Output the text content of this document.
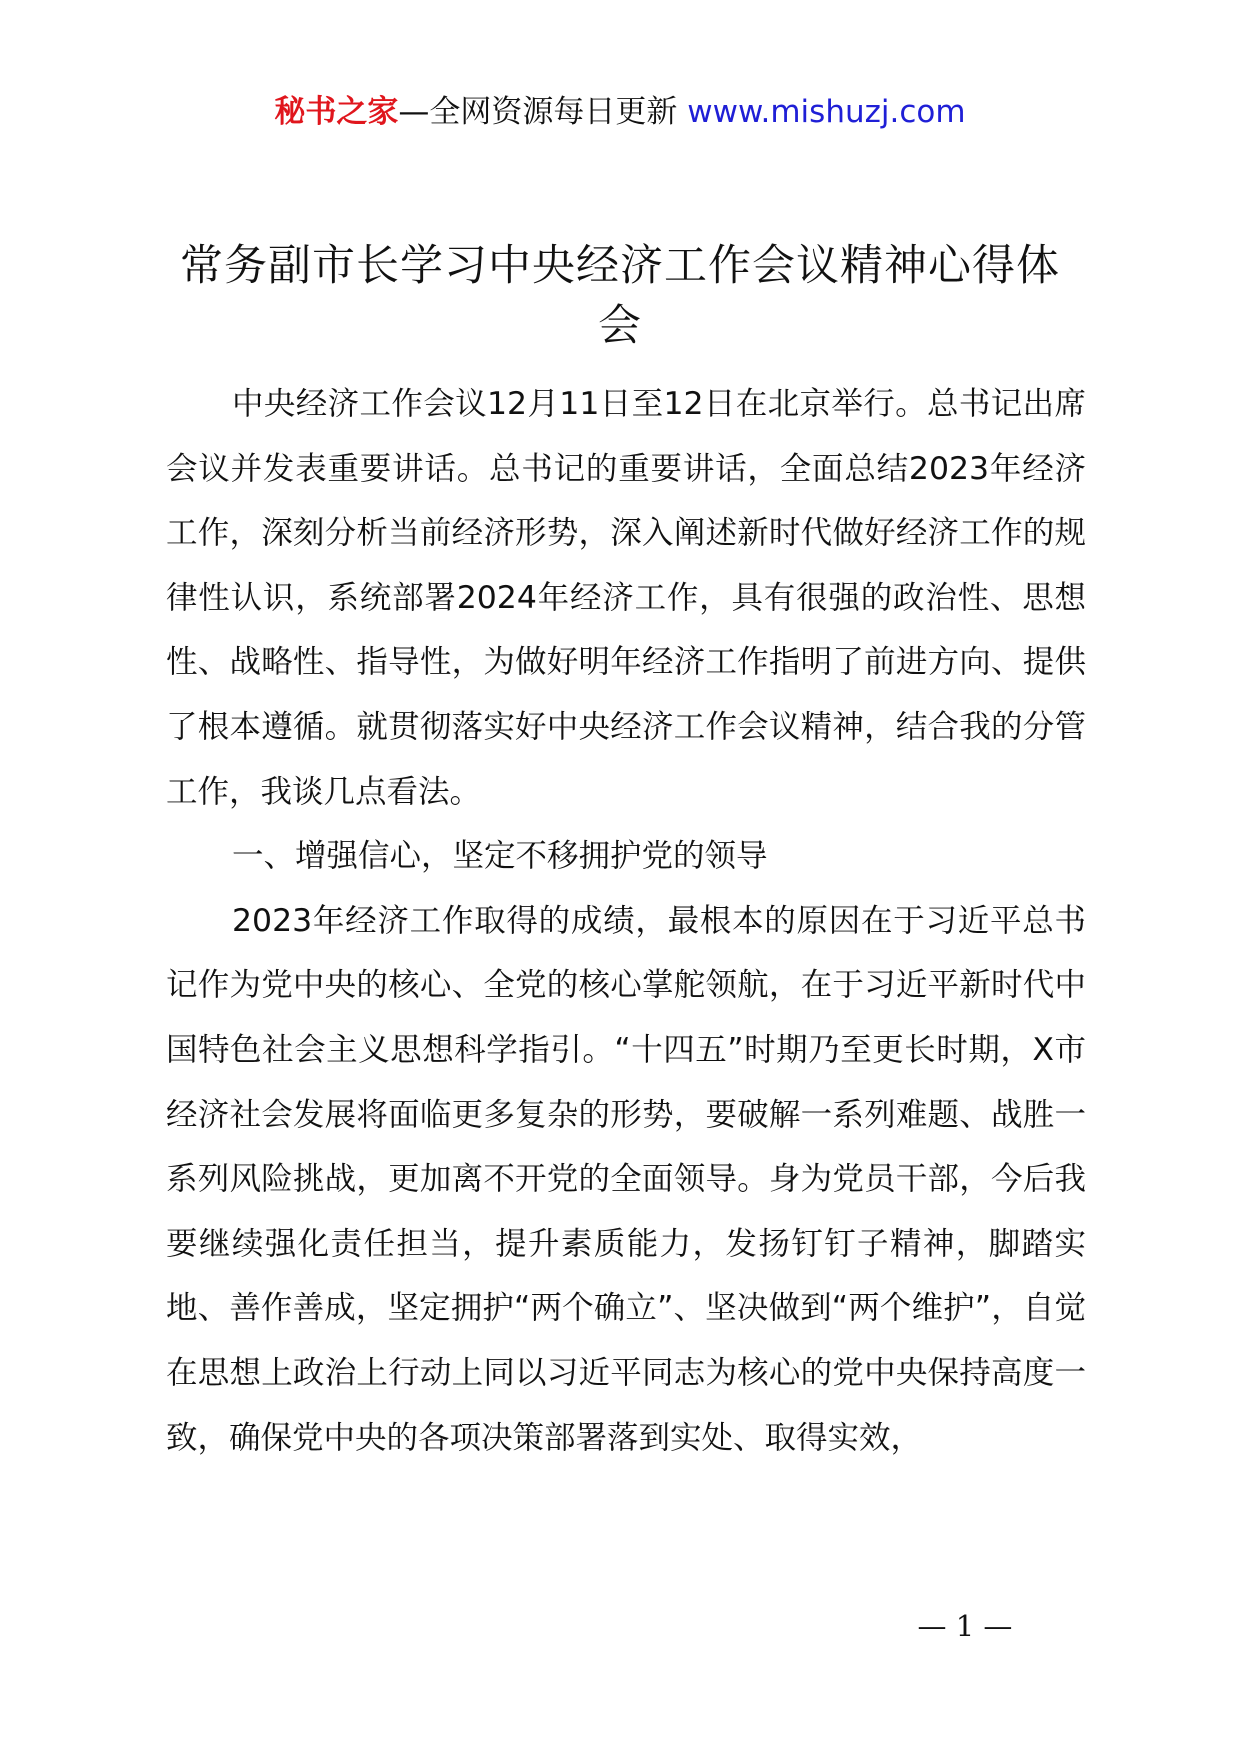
秘书之家—全网资源每日更新 www.mishuzj.com
常务副市长学习中央经济工作会议精神心得体会

中央经济工作会议12月11日至12日在北京举行。总书记出席会议并发表重要讲话。总书记的重要讲话，全面总结2023年经济工作，深刻分析当前经济形势，深入阐述新时代做好经济工作的规律性认识，系统部署2024年经济工作，具有很强的政治性、思想性、战略性、指导性，为做好明年经济工作指明了前进方向、提供了根本遵循。就贯彻落实好中央经济工作会议精神，结合我的分管工作，我谈几点看法。

一、增强信心，坚定不移拥护党的领导

2023年经济工作取得的成绩，最根本的原因在于习近平总书记作为党中央的核心、全党的核心掌舵领航，在于习近平新时代中国特色社会主义思想科学指引。“十四五”时期乃至更长时期，X市经济社会发展将面临更多复杂的形势，要破解一系列难题、战胜一系列风险挑战，更加离不开党的全面领导。身为党员干部，今后我要继续强化责任担当，提升素质能力，发扬钉钉子精神，脚踏实地、善作善成，坚定拥护“两个确立”、坚决做到“两个维护”，自觉在思想上政治上行动上同以习近平同志为核心的党中央保持高度一致，确保党中央的各项决策部署落到实处、取得实效，

— 1 —
